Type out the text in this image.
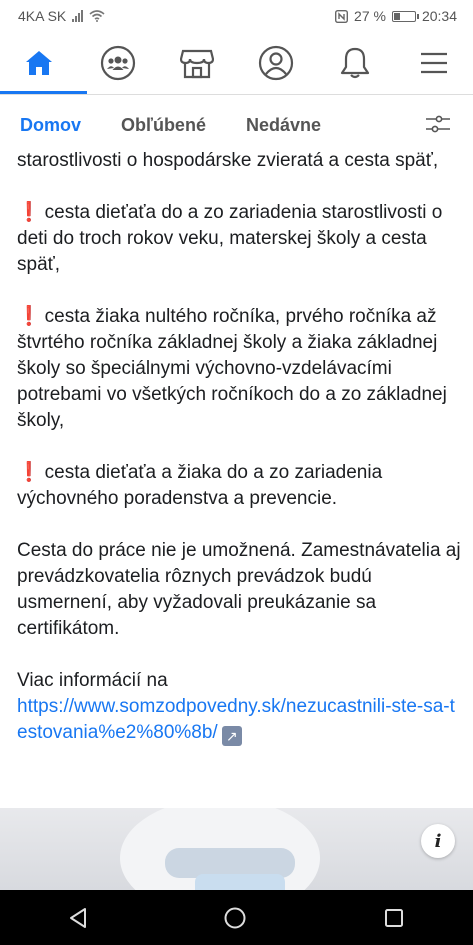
4KA SK	27 %	20:34
Domov Obľúbené Nedávne

starostlivosti o hospodárske zvieratá a cesta späť,

❗ cesta dieťaťa do a zo zariadenia starostlivosti o deti do troch rokov veku, materskej školy a cesta späť,

❗ cesta žiaka nultého ročníka, prvého ročníka až štvrtého ročníka základnej školy a žiaka základnej školy so špeciálnymi výchovno-vzdelávacími potrebami vo všetkých ročníkoch do a zo základnej školy,

❗ cesta dieťaťa a žiaka do a zo zariadenia výchovného poradenstva a prevencie.

Cesta do práce nie je umožnená. Zamestnávatelia aj prevádzkovatelia rôznych prevádzok budú usmernení, aby vyžadovali preukázanie sa certifikátom.

Viac informácií na
https://www.somzodpovedny.sk/nezucastnili-ste-sa-testovania%e2%80%8b/ ↗

i
